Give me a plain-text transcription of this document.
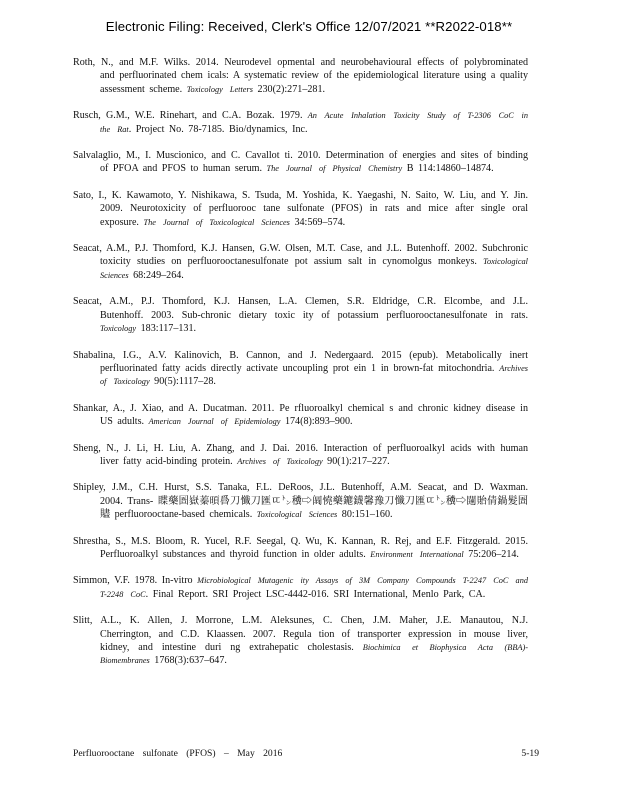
Electronic Filing: Received, Clerk's Office 12/07/2021 **R2022-018**

Roth, N., and M.F. Wilks. 2014. Neurodevel opmental and neurobehavioural effects of polybrominated and perfluorinated chem icals: A systematic review of the epidemiological literature using a quality assessment scheme. Toxicology Letters 230(2):271–281.

Rusch, G.M., W.E. Rinehart, and C.A. Bozak. 1979. An Acute Inhalation Toxicity Study of T-2306 CoC in the Rat. Project No. 78-7185. Bio/dynamics, Inc.

Salvalaglio, M., I. Muscionico, and C. Cavallot ti. 2010. Determination of energies and sites of binding of PFOA and PFOS to human serum. The Journal of Physical Chemistry B 114:14860–14874.

Sato, I., K. Kawamoto, Y. Nishikawa, S. Tsuda, M. Yoshida, K. Yaegashi, N. Saito, W. Liu, and Y. Jin. 2009. Neurotoxicity of perfluorooc tane sulfonate (PFOS) in rats and mice after single oral exposure. The Journal of Toxicological Sciences 34:569–574.

Seacat, A.M., P.J. Thomford, K.J. Hansen, G.W. Olsen, M.T. Case, and J.L. Butenhoff. 2002. Subchronic toxicity studies on perfluorooctanesulfonate pot assium salt in cynomolgus monkeys. Toxicological Sciences 68:249–264.

Seacat, A.M., P.J. Thomford, K.J. Hansen, L.A. Clemen, S.R. Eldridge, C.R. Elcombe, and J.L. Butenhoff. 2003. Sub-chronic dietary toxic ity of potassium perfluorooctanesulfonate in rats. Toxicology 183:117–131.

Shabalina, I.G., A.V. Kalinovich, B. Cannon, and J. Nedergaard. 2015 (epub). Metabolically inert perfluorinated fatty acids directly activate uncoupling prot ein 1 in brown-fat mitochondria. Archives of Toxicology 90(5):1117–28.

Shankar, A., J. Xiao, and A. Ducatman. 2011. Pe rfluoroalkyl chemical s and chronic kidney disease in US adults. American Journal of Epidemiology 174(8):893–900.

Sheng, N., J. Li, H. Liu, A. Zhang, and J. Dai. 2016. Interaction of perfluoroalkyl acids with human liver fatty acid-binding protein. Archives of Toxicology 90(1):217–227.

Shipley, J.M., C.H. Hurst, S.S. Tanaka, F.L. DeRoos, J.L. Butenhoff, A.M. Seacat, and D. Waxman. 2004. Trans- 䁋藥圄嶽蓁暊噕刀懺刀匯ㄸ㌧䆏⇨阘憢藥䥝鑖馨豫刀懺刀匯ㄸ㌧䆏⇨闥貽倩鍋髮圄贐 perfluorooctane-based chemicals. Toxicological Sciences 80:151–160.

Shrestha, S., M.S. Bloom, R. Yucel, R.F. Seegal, Q. Wu, K. Kannan, R. Rej, and E.F. Fitzgerald. 2015. Perfluoroalkyl substances and thyroid function in older adults. Environment International 75:206–214.

Simmon, V.F. 1978. In-vitro Microbiological Mutagenic ity Assays of 3M Company Compounds T-2247 CoC and T-2248 CoC. Final Report. SRI Project LSC-4442-016. SRI International, Menlo Park, CA.

Slitt, A.L., K. Allen, J. Morrone, L.M. Aleksunes, C. Chen, J.M. Maher, J.E. Manautou, N.J. Cherrington, and C.D. Klaassen. 2007. Regula tion of transporter expression in mouse liver, kidney, and intestine duri ng extrahepatic cholestasis. Biochimica et Biophysica Acta (BBA)-Biomembranes 1768(3):637–647.

Perfluorooctane sulfonate (PFOS) – May 2016	5-19
